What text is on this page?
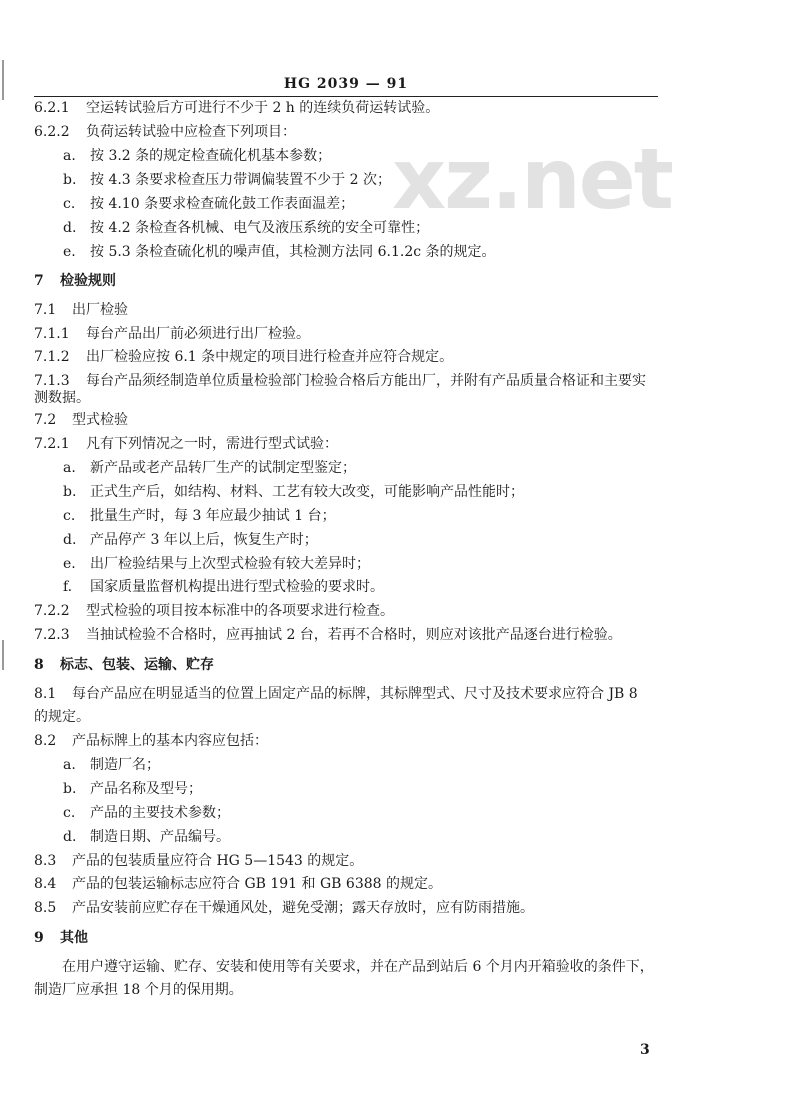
xz.net
HG 2039 — 91
6.2.1 空运转试验后方可进行不少于 2 h 的连续负荷运转试验。
6.2.2 负荷运转试验中应检查下列项目：
a. 按 3.2 条的规定检查硫化机基本参数；
b. 按 4.3 条要求检查压力带调偏装置不少于 2 次；
c. 按 4.10 条要求检查硫化鼓工作表面温差；
d. 按 4.2 条检查各机械、电气及液压系统的安全可靠性；
e. 按 5.3 条检查硫化机的噪声值，其检测方法同 6.1.2c 条的规定。
7 检验规则
7.1 出厂检验
7.1.1 每台产品出厂前必须进行出厂检验。
7.1.2 出厂检验应按 6.1 条中规定的项目进行检查并应符合规定。
7.1.3 每台产品须经制造单位质量检验部门检验合格后方能出厂，并附有产品质量合格证和主要实
测数据。
7.2 型式检验
7.2.1 凡有下列情况之一时，需进行型式试验：
a. 新产品或老产品转厂生产的试制定型鉴定；
b. 正式生产后，如结构、材料、工艺有较大改变，可能影响产品性能时；
c. 批量生产时，每 3 年应最少抽试 1 台；
d. 产品停产 3 年以上后，恢复生产时；
e. 出厂检验结果与上次型式检验有较大差异时；
f. 国家质量监督机构提出进行型式检验的要求时。
7.2.2 型式检验的项目按本标准中的各项要求进行检查。
7.2.3 当抽试检验不合格时，应再抽试 2 台，若再不合格时，则应对该批产品逐台进行检验。
8 标志、包装、运输、贮存
8.1 每台产品应在明显适当的位置上固定产品的标牌，其标牌型式、尺寸及技术要求应符合 JB 8
的规定。
8.2 产品标牌上的基本内容应包括：
a. 制造厂名；
b. 产品名称及型号；
c. 产品的主要技术参数；
d. 制造日期、产品编号。
8.3 产品的包装质量应符合 HG 5—1543 的规定。
8.4 产品的包装运输标志应符合 GB 191 和 GB 6388 的规定。
8.5 产品安装前应贮存在干燥通风处，避免受潮；露天存放时，应有防雨措施。
9 其他
在用户遵守运输、贮存、安装和使用等有关要求，并在产品到站后 6 个月内开箱验收的条件下，
制造厂应承担 18 个月的保用期。
3
